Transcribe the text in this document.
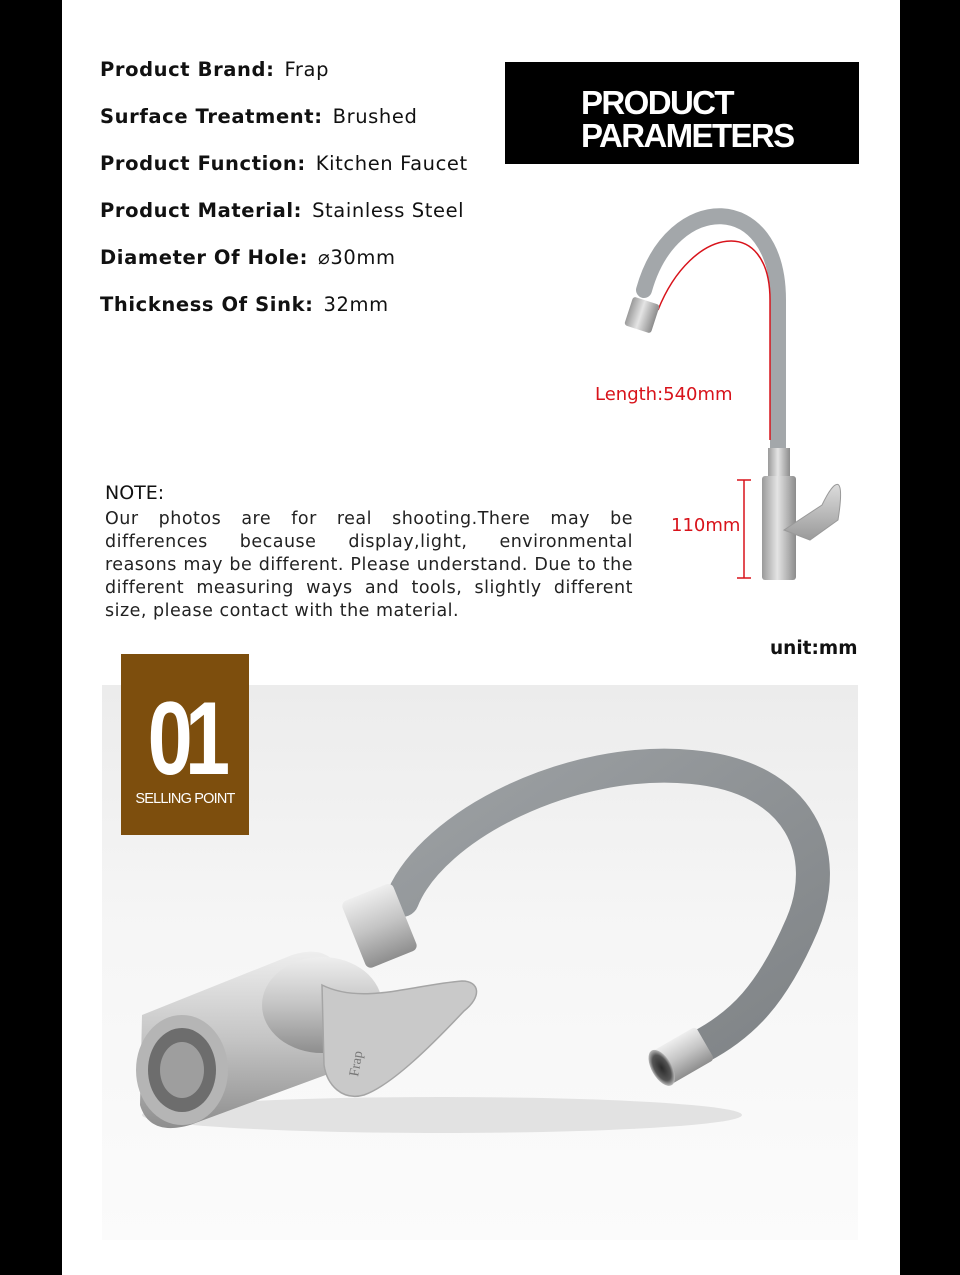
Product Brand: Frap
Surface Treatment: Brushed
Product Function: Kitchen Faucet
Product Material: Stainless Steel
Diameter Of Hole: ⌀30mm
Thickness Of Sink: 32mm
PRODUCT
PARAMETERS
Length:540mm
110mm
NOTE:
Our photos are for real shooting.There may be differences because display,light, environmental reasons may be different. Please understand. Due to the different measuring ways and tools, slightly different size, please contact with the material.
unit:mm
Frap
01
SELLING POINT
